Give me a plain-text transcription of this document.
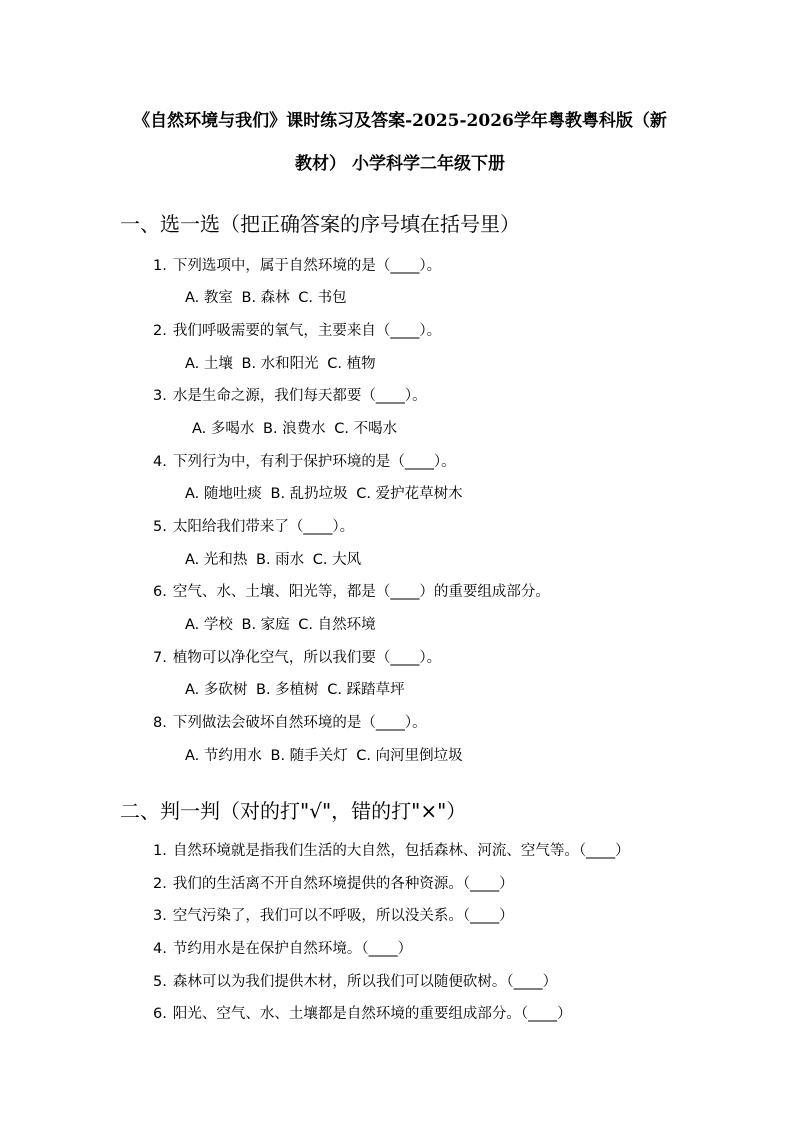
《自然环境与我们》课时练习及答案-2025-2026学年粤教粤科版（新
教材） 小学科学二年级下册
一、选一选（把正确答案的序号填在括号里）
1. 下列选项中，属于自然环境的是（____）。
A. 教室 B. 森林 C. 书包
2. 我们呼吸需要的氧气，主要来自（____）。
A. 土壤 B. 水和阳光 C. 植物
3. 水是生命之源，我们每天都要（____）。
A. 多喝水 B. 浪费水 C. 不喝水
4. 下列行为中，有利于保护环境的是（____）。
A. 随地吐痰 B. 乱扔垃圾 C. 爱护花草树木
5. 太阳给我们带来了（____）。
A. 光和热 B. 雨水 C. 大风
6. 空气、水、土壤、阳光等，都是（____）的重要组成部分。
A. 学校 B. 家庭 C. 自然环境
7. 植物可以净化空气，所以我们要（____）。
A. 多砍树 B. 多植树 C. 踩踏草坪
8. 下列做法会破坏自然环境的是（____）。
A. 节约用水 B. 随手关灯 C. 向河里倒垃圾
二、判一判（对的打"√"，错的打"×"）
1. 自然环境就是指我们生活的大自然，包括森林、河流、空气等。（____）
2. 我们的生活离不开自然环境提供的各种资源。（____）
3. 空气污染了，我们可以不呼吸，所以没关系。（____）
4. 节约用水是在保护自然环境。（____）
5. 森林可以为我们提供木材，所以我们可以随便砍树。（____）
6. 阳光、空气、水、土壤都是自然环境的重要组成部分。（____）
